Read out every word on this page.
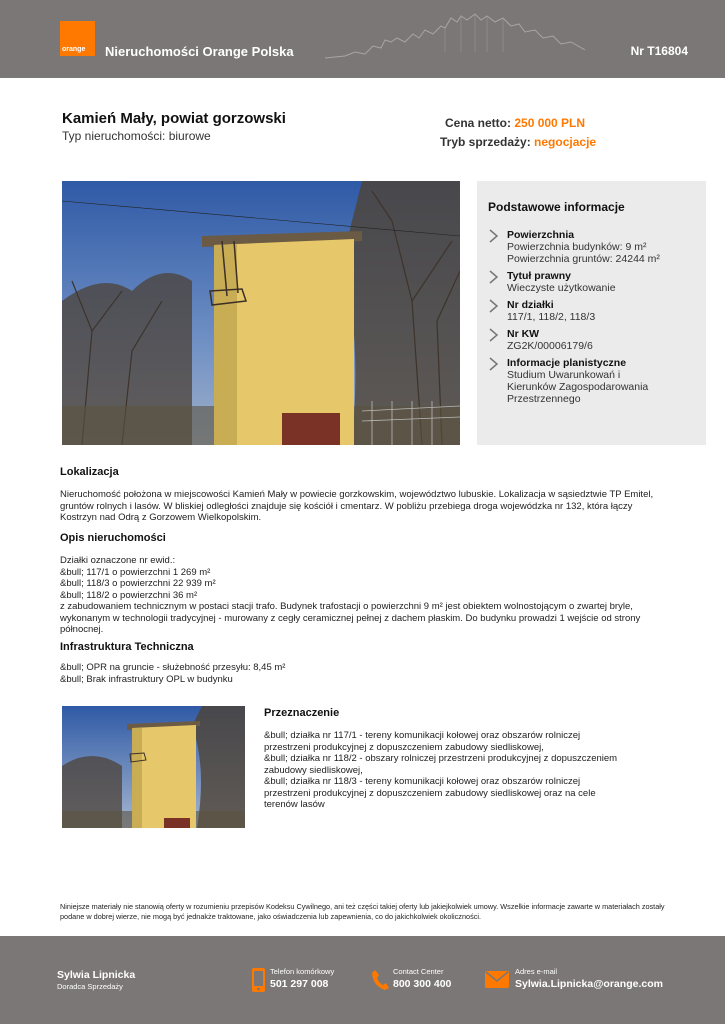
orange Nieruchomości Orange Polska	Nr T16804
Kamień Mały, powiat gorzowski
Typ nieruchomości: biurowe
Cena netto: 250 000 PLN
Tryb sprzedaży: negocjacje
Podstawowe informacje
Powierzchnia
Powierzchnia budynków: 9 m²
Powierzchnia gruntów: 24244 m²
Tytuł prawny
Wieczyste użytkowanie
Nr działki
117/1, 118/2, 118/3
Nr KW
ZG2K/00006179/6
Informacje planistyczne
Studium Uwarunkowań i
Kierunków Zagospodarowania
Przestrzennego
Lokalizacja
Nieruchomość położona w miejscowości Kamień Mały w powiecie gorzkowskim, województwo lubuskie. Lokalizacja w sąsiedztwie TP Emitel, gruntów rolnych i lasów. W bliskiej odległości znajduje się kościół i cmentarz. W pobliżu przebiega droga wojewódzka nr 132, która łączy Kostrzyn nad Odrą z Gorzowem Wielkopolskim.
Opis nieruchomości

Działki oznaczone nr ewid.:

&bull; 117/1 o powierzchni 1 269 m²

&bull; 118/3 o powierzchni 22 939 m²

&bull; 118/2 o powierzchni 36 m²

z zabudowaniem technicznym w postaci stacji trafo. Budynek trafostacji o powierzchni 9 m² jest obiektem wolnostojącym o zwartej bryle, wykonanym w technologii tradycyjnej - murowany z cegły ceramicznej pełnej z dachem płaskim. Do budynku prowadzi 1 wejście od strony północnej.

Infrastruktura Techniczna

&bull; OPR na gruncie - służebność przesyłu: 8,45 m²

&bull; Brak infrastruktury OPL w budynku

Przeznaczenie

&bull; działka nr 117/1 - tereny komunikacji kołowej oraz obszarów rolniczej przestrzeni produkcyjnej z dopuszczeniem zabudowy siedliskowej,

&bull; działka nr 118/2 - obszary rolniczej przestrzeni produkcyjnej z dopuszczeniem zabudowy siedliskowej,

&bull; działka nr 118/3 - tereny komunikacji kołowej oraz obszarów rolniczej przestrzeni produkcyjnej z dopuszczeniem zabudowy siedliskowej oraz na cele terenów lasów

Niniejsze materiały nie stanowią oferty w rozumieniu przepisów Kodeksu Cywilnego, ani też części takiej oferty lub jakiejkolwiek umowy. Wszelkie informacje zawarte w materiałach zostały podane w dobrej wierze, nie mogą być jednakże traktowane, jako oświadczenia lub zapewnienia, co do jakichkolwiek okoliczności.
Sylwia Lipnicka
Doradca Sprzedaży
Telefon komórkowy
501 297 008
Contact Center
800 300 400
Adres e-mail
Sylwia.Lipnicka@orange.com
